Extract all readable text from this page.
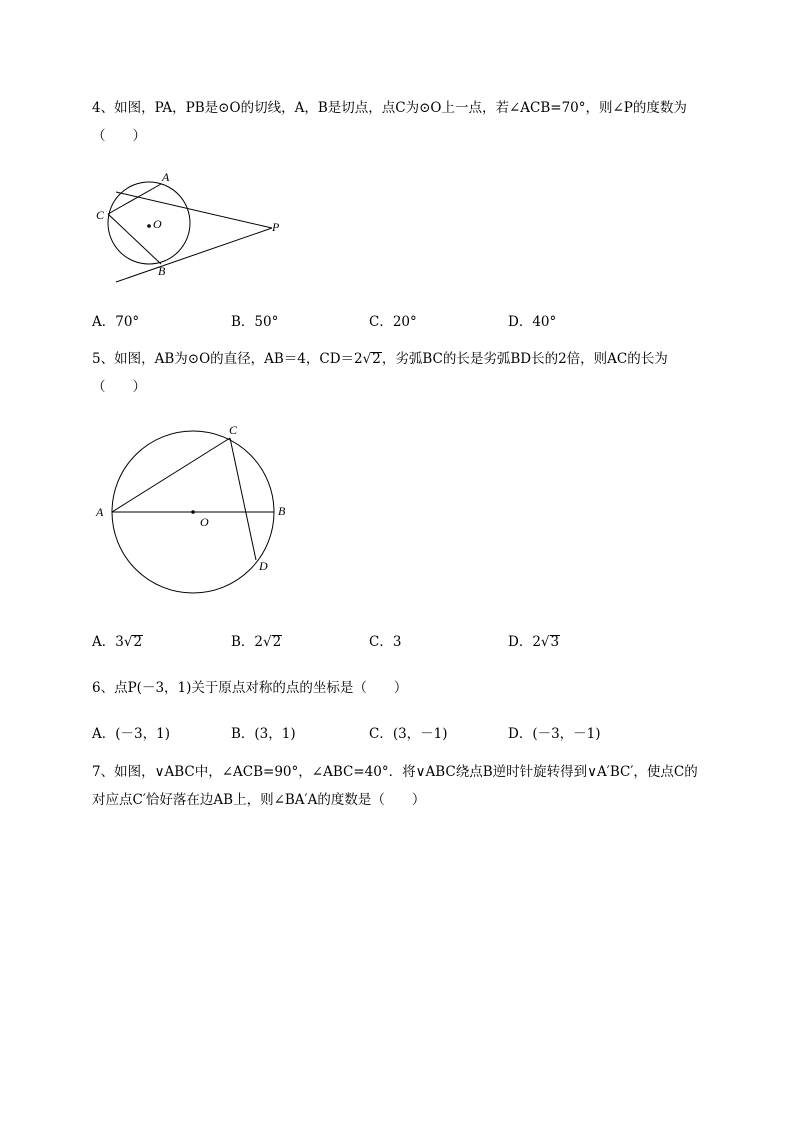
4、如图，PA，PB是⊙O的切线，A，B是切点，点C为⊙O上一点，若∠ACB=70°，则∠P的度数为
（　　）
A
B
C
O	P
A．70°	B．50°	C．20°	D．40°
5、如图，AB为⊙O的直径，AB＝4，CD＝2√2，劣弧BC的长是劣弧BD长的2倍，则AC的长为
（　　）
A	B
C
D
O
A．3√2	B．2√2	C．3	D．2√3
6、点P(－3，1)关于原点对称的点的坐标是（　　）
A．(－3，1)	B．(3，1)	C．(3，－1)	D．(－3，－1)
7、如图，∨ABC中，∠ACB=90°，∠ABC=40°．将∨ABC绕点B逆时针旋转得到∨A′BC′，使点C的
对应点C′恰好落在边AB上，则∠BA′A的度数是（　　）
